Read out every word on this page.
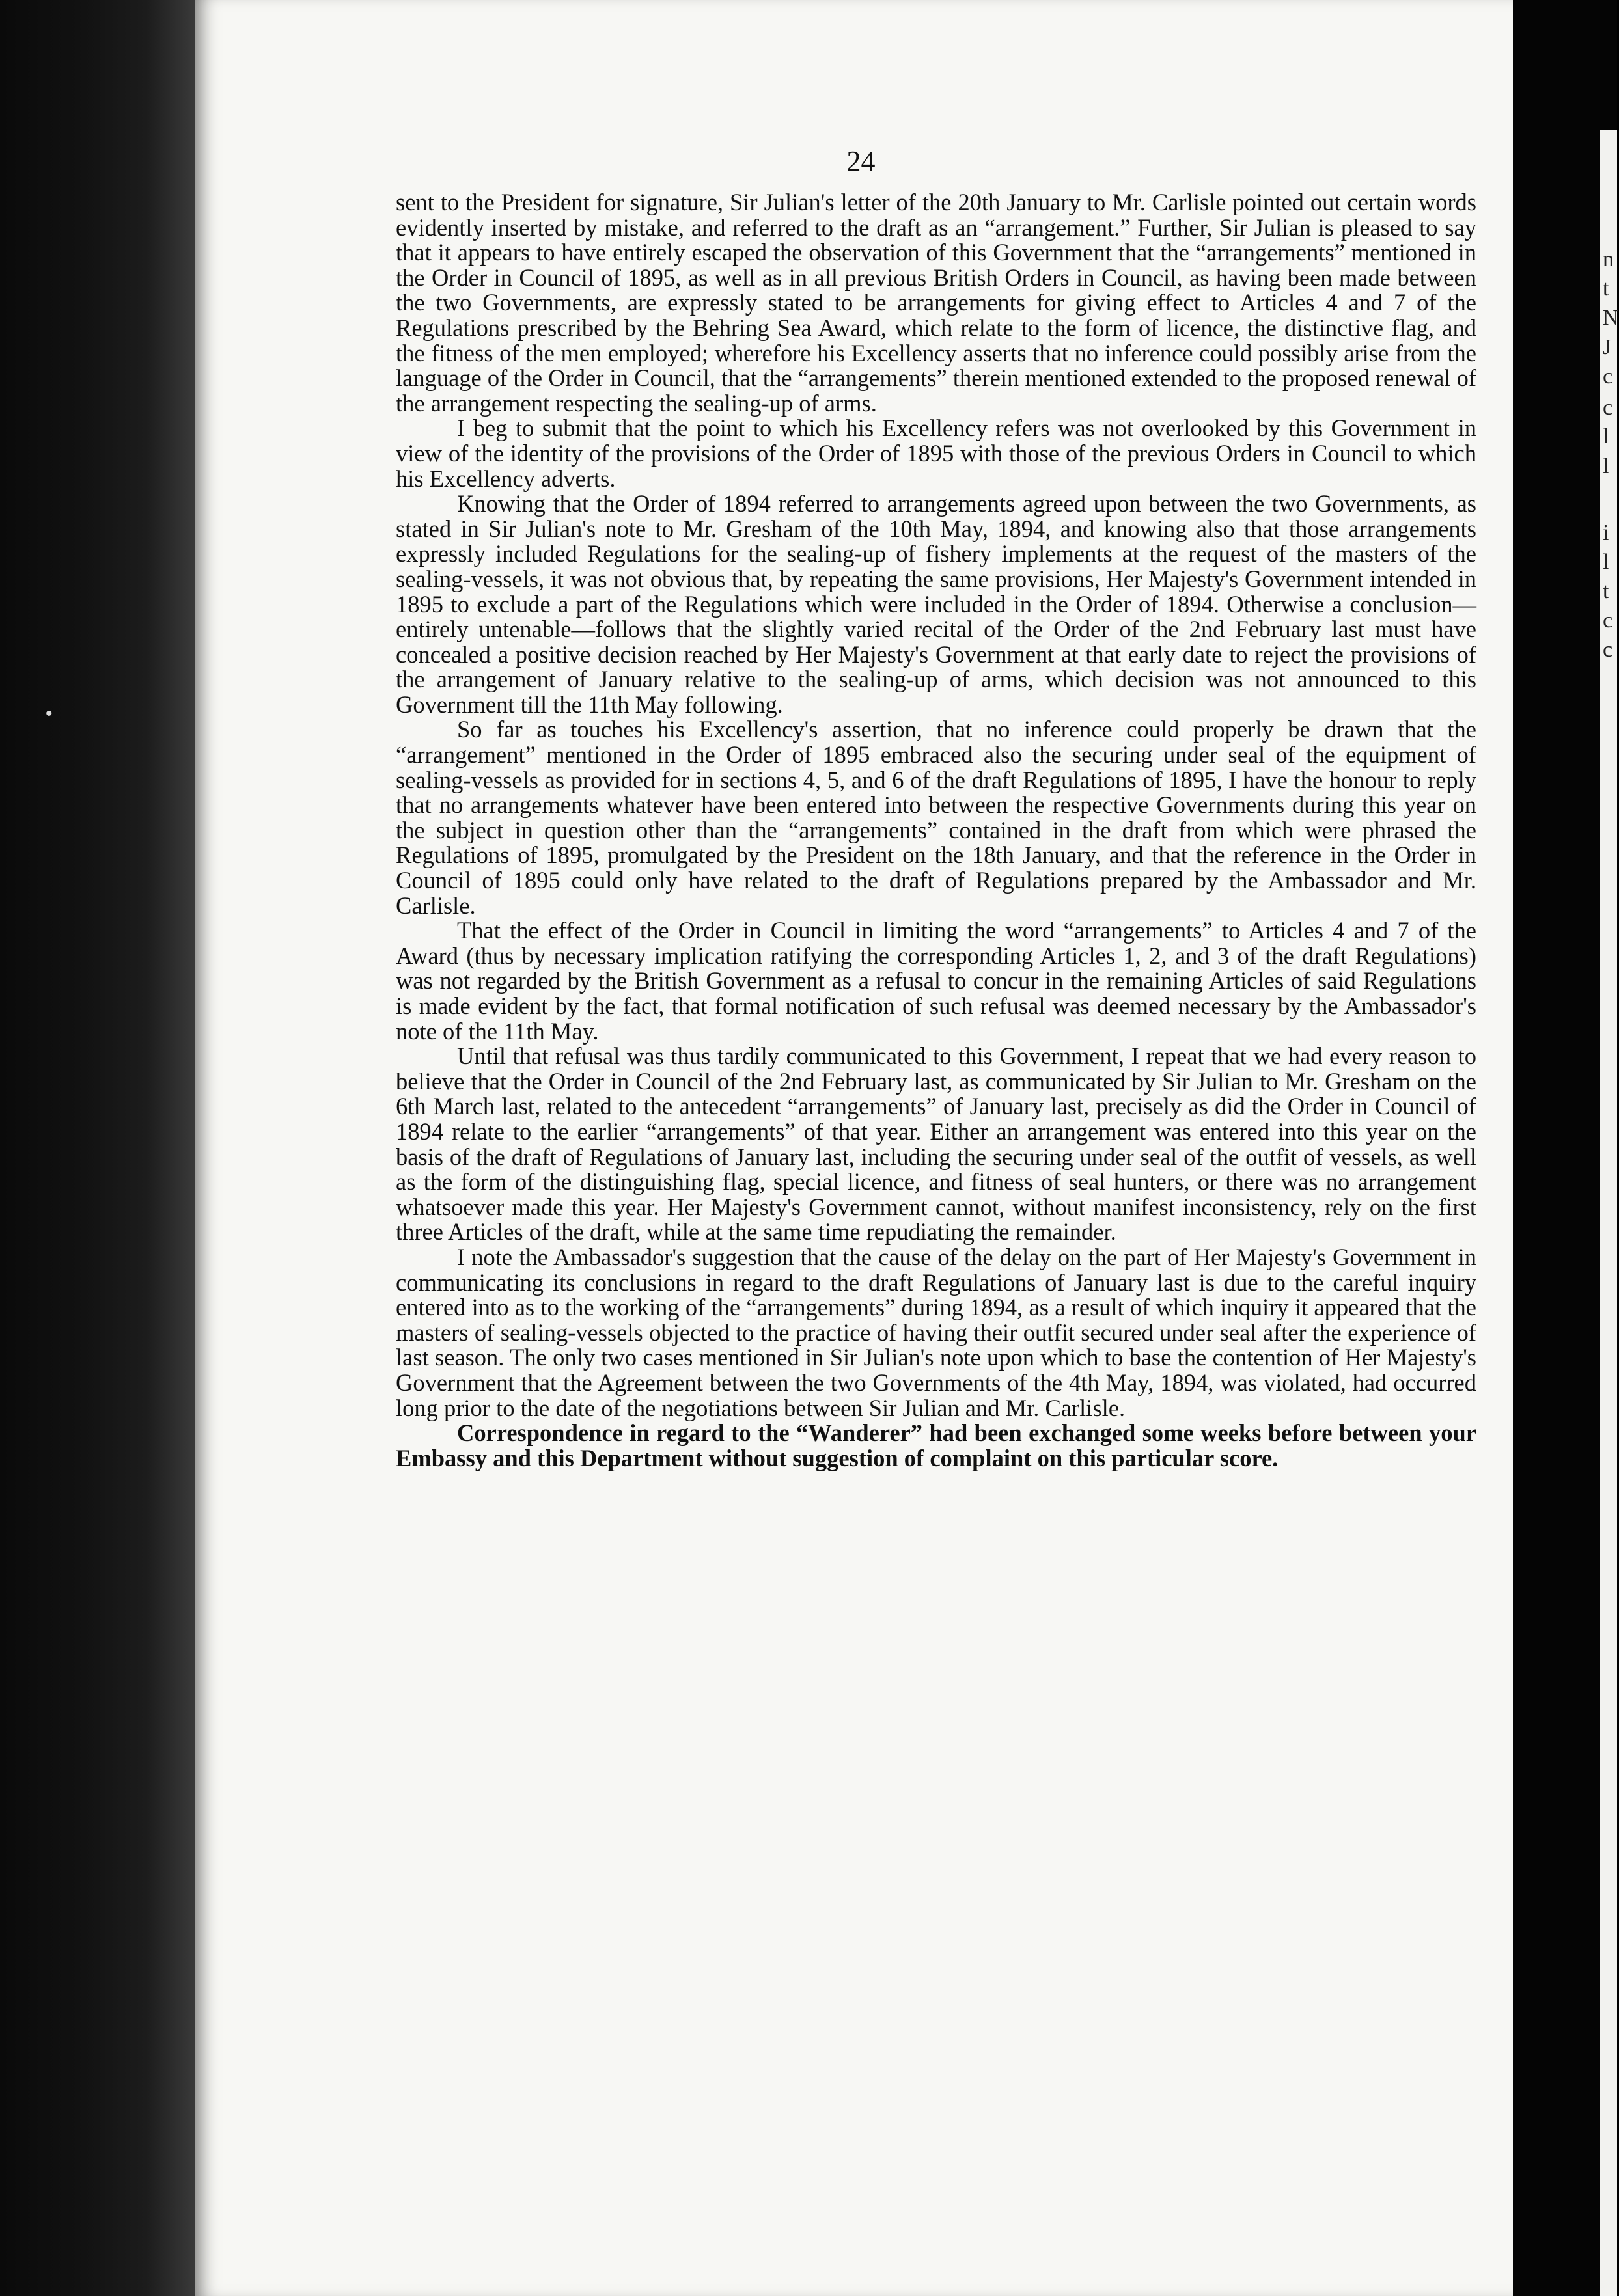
•
24

sent to the President for signature, Sir Julian's letter of the 20th January to Mr. Carlisle pointed out certain words evidently inserted by mistake, and referred to the draft as an “arrangement.” Further, Sir Julian is pleased to say that it appears to have entirely escaped the observation of this Government that the “arrangements” mentioned in the Order in Council of 1895, as well as in all previous British Orders in Council, as having been made between the two Governments, are expressly stated to be arrangements for giving effect to Articles 4 and 7 of the Regulations prescribed by the Behring Sea Award, which relate to the form of licence, the distinctive flag, and the fitness of the men employed; wherefore his Excellency asserts that no inference could possibly arise from the language of the Order in Council, that the “arrangements” therein mentioned extended to the proposed renewal of the arrangement respecting the sealing-up of arms.

I beg to submit that the point to which his Excellency refers was not overlooked by this Government in view of the identity of the provisions of the Order of 1895 with those of the previous Orders in Council to which his Excellency adverts.

Knowing that the Order of 1894 referred to arrangements agreed upon between the two Governments, as stated in Sir Julian's note to Mr. Gresham of the 10th May, 1894, and knowing also that those arrangements expressly included Regulations for the sealing-up of fishery implements at the request of the masters of the sealing-vessels, it was not obvious that, by repeating the same provisions, Her Majesty's Government intended in 1895 to exclude a part of the Regulations which were included in the Order of 1894. Otherwise a conclusion—entirely untenable—follows that the slightly varied recital of the Order of the 2nd February last must have concealed a positive decision reached by Her Majesty's Government at that early date to reject the provisions of the arrangement of January relative to the sealing-up of arms, which decision was not announced to this Government till the 11th May following.

So far as touches his Excellency's assertion, that no inference could properly be drawn that the “arrangement” mentioned in the Order of 1895 embraced also the securing under seal of the equipment of sealing-vessels as provided for in sections 4, 5, and 6 of the draft Regulations of 1895, I have the honour to reply that no arrangements whatever have been entered into between the respective Governments during this year on the subject in question other than the “arrangements” contained in the draft from which were phrased the Regulations of 1895, promulgated by the President on the 18th January, and that the reference in the Order in Council of 1895 could only have related to the draft of Regulations prepared by the Ambassador and Mr. Carlisle.

That the effect of the Order in Council in limiting the word “arrangements” to Articles 4 and 7 of the Award (thus by necessary implication ratifying the corresponding Articles 1, 2, and 3 of the draft Regulations) was not regarded by the British Government as a refusal to concur in the remaining Articles of said Regulations is made evident by the fact, that formal notification of such refusal was deemed necessary by the Ambassador's note of the 11th May.

Until that refusal was thus tardily communicated to this Government, I repeat that we had every reason to believe that the Order in Council of the 2nd February last, as communicated by Sir Julian to Mr. Gresham on the 6th March last, related to the antecedent “arrangements” of January last, precisely as did the Order in Council of 1894 relate to the earlier “arrangements” of that year. Either an arrangement was entered into this year on the basis of the draft of Regulations of January last, including the securing under seal of the outfit of vessels, as well as the form of the distinguishing flag, special licence, and fitness of seal hunters, or there was no arrangement whatsoever made this year. Her Majesty's Government cannot, without manifest inconsistency, rely on the first three Articles of the draft, while at the same time repudiating the remainder.

I note the Ambassador's suggestion that the cause of the delay on the part of Her Majesty's Government in communicating its conclusions in regard to the draft Regulations of January last is due to the careful inquiry entered into as to the working of the “arrangements” during 1894, as a result of which inquiry it appeared that the masters of sealing-vessels objected to the practice of having their outfit secured under seal after the experience of last season. The only two cases mentioned in Sir Julian's note upon which to base the contention of Her Majesty's Government that the Agreement between the two Governments of the 4th May, 1894, was violated, had occurred long prior to the date of the negotiations between Sir Julian and Mr. Carlisle.

Correspondence in regard to the “Wanderer” had been exchanged some weeks before between your Embassy and this Department without suggestion of complaint on this particular score.

n
t
N
J
c
c
l
l
i
l
t
c
c
